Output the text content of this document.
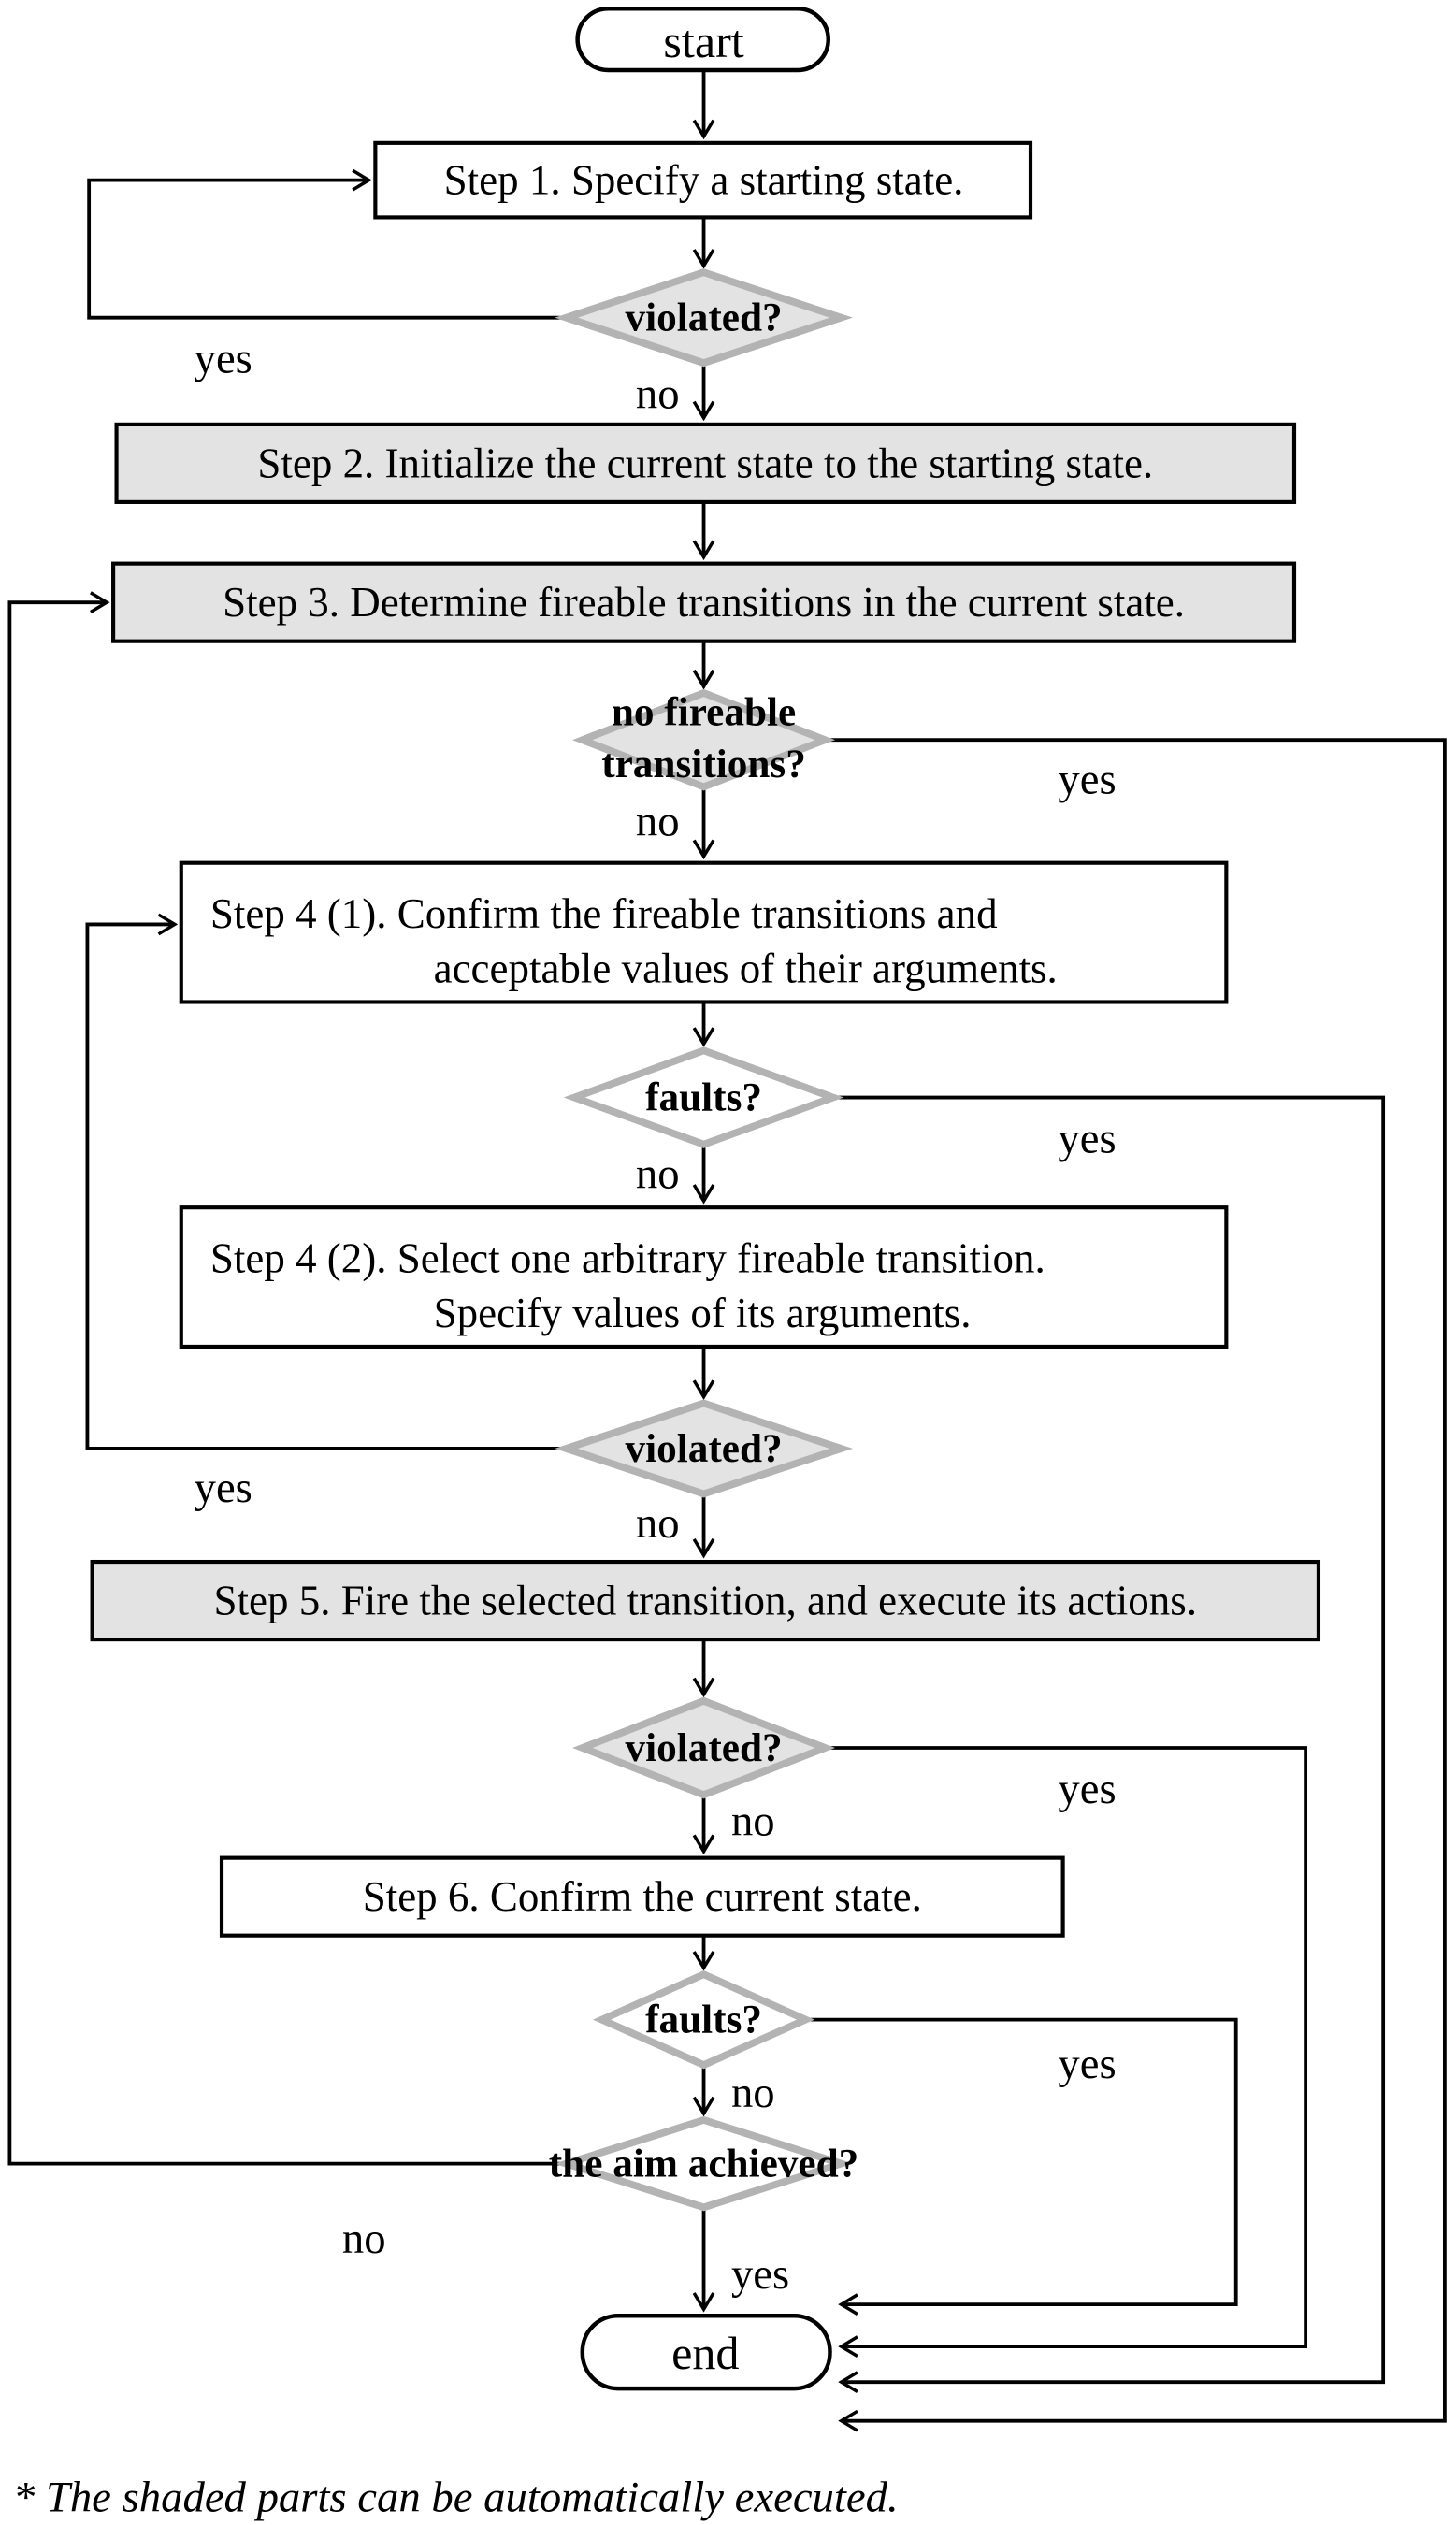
start
Step 1. Specify a starting state.
violated?
Step 2. Initialize the current state to the starting state.
Step 3. Determine fireable transitions in the current state.
no fireable
transitions?
Step 4 (1). Confirm the fireable transitions and
acceptable values of their arguments.
faults?
Step 4 (2). Select one arbitrary fireable transition.
Specify values of its arguments.
violated?
Step 5. Fire the selected transition, and execute its actions.
violated?
Step 6. Confirm the current state.
faults?
the aim achieved?
end
yes
no
yes
no
yes
no
yes
no
yes
no
yes
no
no
yes
* The shaded parts can be automatically executed.
